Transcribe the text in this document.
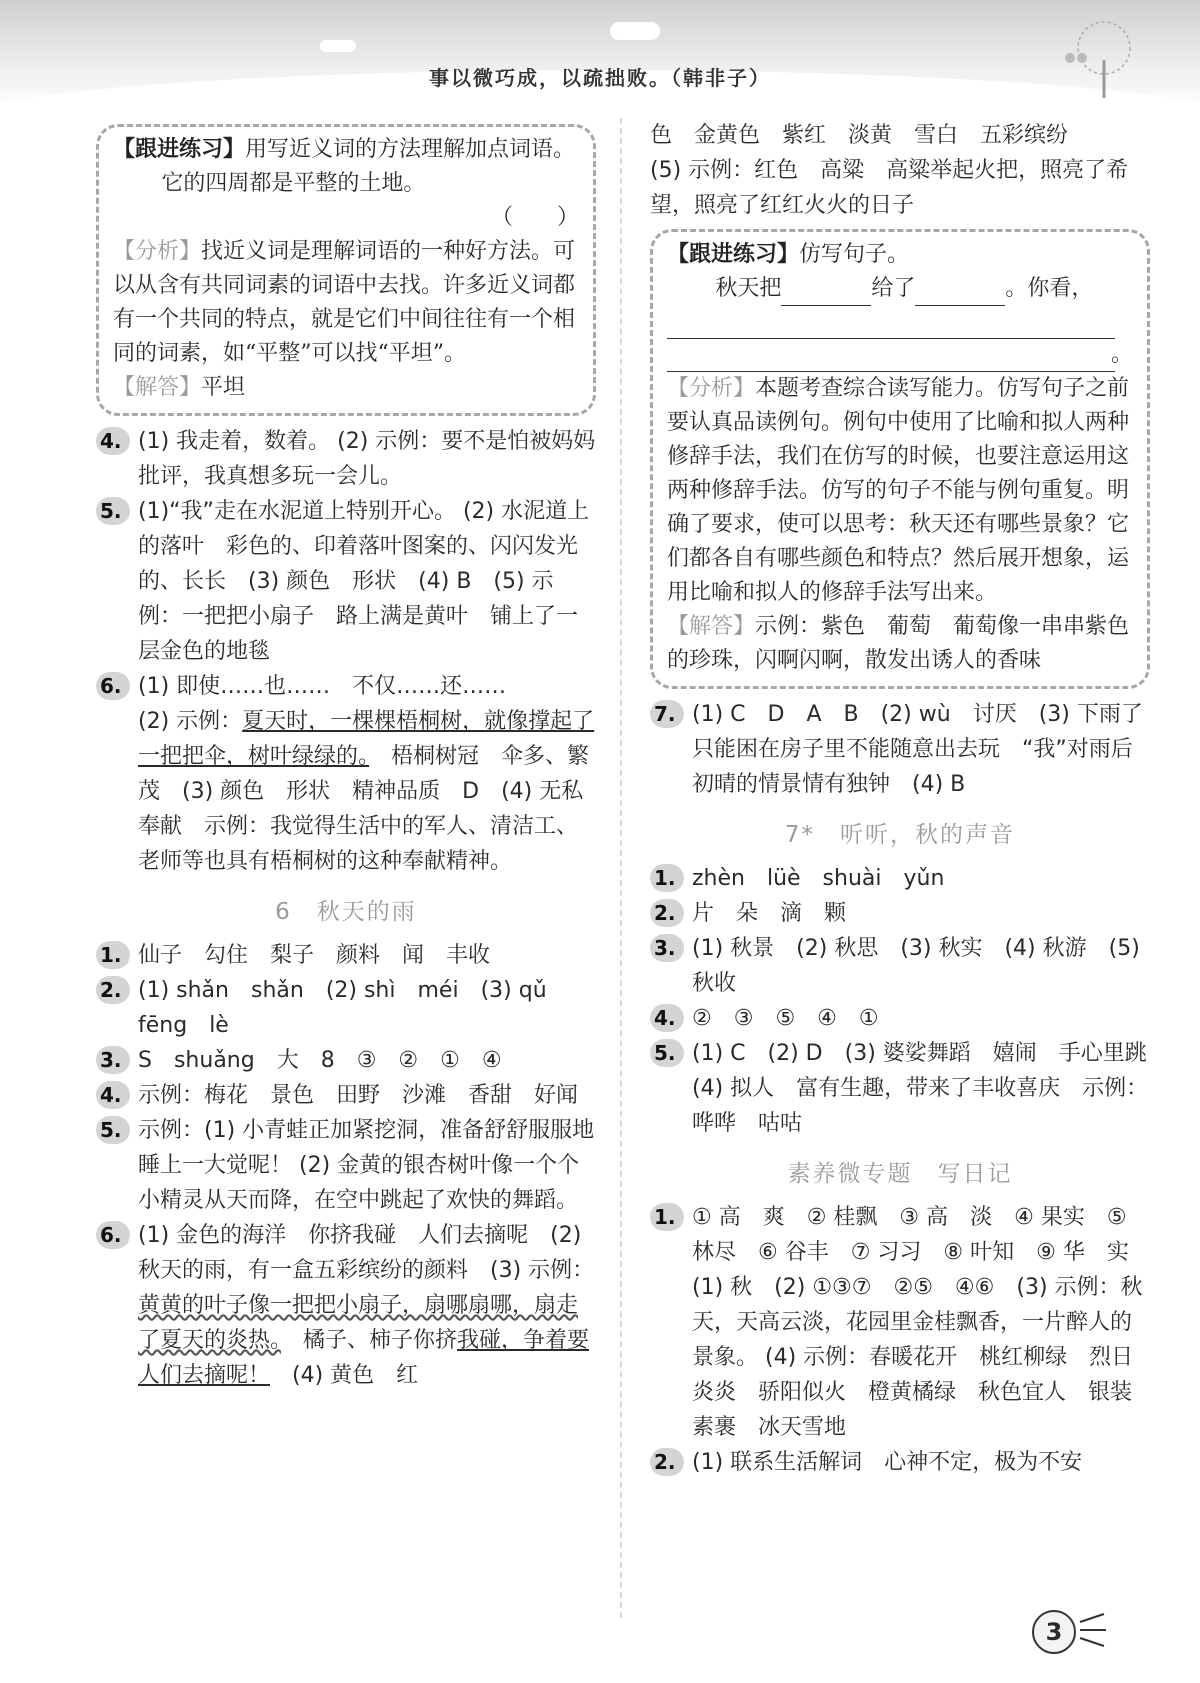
事以微巧成，以疏拙败。（韩非子）

【跟进练习】用写近义词的方法理解加点词语。

它的四周都是平整的土地。

（　　）

【分析】找近义词是理解词语的一种好方法。可以从含有共同词素的词语中去找。许多近义词都有一个共同的特点，就是它们中间往往有一个相同的词素，如“平整”可以找“平坦”。

【解答】平坦

4. (1) 我走着，数着。 (2) 示例：要不是怕被妈妈批评，我真想多玩一会儿。

5. (1)“我”走在水泥道上特别开心。 (2) 水泥道上的落叶　彩色的、印着落叶图案的、闪闪发光的、长长　(3) 颜色　形状　(4) B　(5) 示例：一把把小扇子　路上满是黄叶　铺上了一层金色的地毯

6. (1) 即使……也……　不仅……还……

(2) 示例：夏天时，一棵棵梧桐树，就像撑起了一把把伞，树叶绿绿的。　梧桐树冠　伞多、繁茂　(3) 颜色　形状　精神品质　D　(4) 无私奉献　示例：我觉得生活中的军人、清洁工、老师等也具有梧桐树的这种奉献精神。

6　秋天的雨
1. 仙子　勾住　梨子　颜料　闻　丰收

2. (1) shǎn　shǎn　(2) shì　méi　(3) qǔ　fēng　lè

3. S　shuǎng　大　8　③　②　①　④

4. 示例：梅花　景色　田野　沙滩　香甜　好闻

5. 示例：(1) 小青蛙正加紧挖洞，准备舒舒服服地睡上一大觉呢！ (2) 金黄的银杏树叶像一个个小精灵从天而降，在空中跳起了欢快的舞蹈。

6. (1) 金色的海洋　你挤我碰　人们去摘呢　(2) 秋天的雨，有一盒五彩缤纷的颜料　(3) 示例：黄黄的叶子像一把把小扇子，扇哪扇哪，扇走了夏天的炎热。　橘子、柿子你挤我碰，争着要人们去摘呢！　(4) 黄色　红

色　金黄色　紫红　淡黄　雪白　五彩缤纷

(5) 示例：红色　高粱　高粱举起火把，照亮了希望，照亮了红红火火的日子

【跟进练习】仿写句子。

秋天把	给了	。你看，

。

【分析】本题考查综合读写能力。仿写句子之前要认真品读例句。例句中使用了比喻和拟人两种修辞手法，我们在仿写的时候，也要注意运用这两种修辞手法。仿写的句子不能与例句重复。明确了要求，使可以思考：秋天还有哪些景象？它们都各自有哪些颜色和特点？然后展开想象，运用比喻和拟人的修辞手法写出来。

【解答】示例：紫色　葡萄　葡萄像一串串紫色的珍珠，闪啊闪啊，散发出诱人的香味

7. (1) C　D　A　B　(2) wù　讨厌　(3) 下雨了只能困在房子里不能随意出去玩　“我”对雨后初晴的情景情有独钟　(4) B

7*　听听，秋的声音
1. zhèn　lüè　shuài　yǔn

2. 片　朵　滴　颗

3. (1) 秋景　(2) 秋思　(3) 秋实　(4) 秋游　(5) 秋收

4. ②　③　⑤　④　①

5. (1) C　(2) D　(3) 婆娑舞蹈　嬉闹　手心里跳　(4) 拟人　富有生趣，带来了丰收喜庆　示例：哗哗　咕咕

素养微专题　写日记
1. ① 高　爽　② 桂飘　③ 高　淡　④ 果实　⑤ 林尽　⑥ 谷丰　⑦ 习习　⑧ 叶知　⑨ 华　实　(1) 秋　(2) ①③⑦　②⑤　④⑥　(3) 示例：秋天，天高云淡，花园里金桂飘香，一片醉人的景象。 (4) 示例：春暖花开　桃红柳绿　烈日炎炎　骄阳似火　橙黄橘绿　秋色宜人　银装素裹　冰天雪地

2. (1) 联系生活解词　心神不定，极为不安

3
